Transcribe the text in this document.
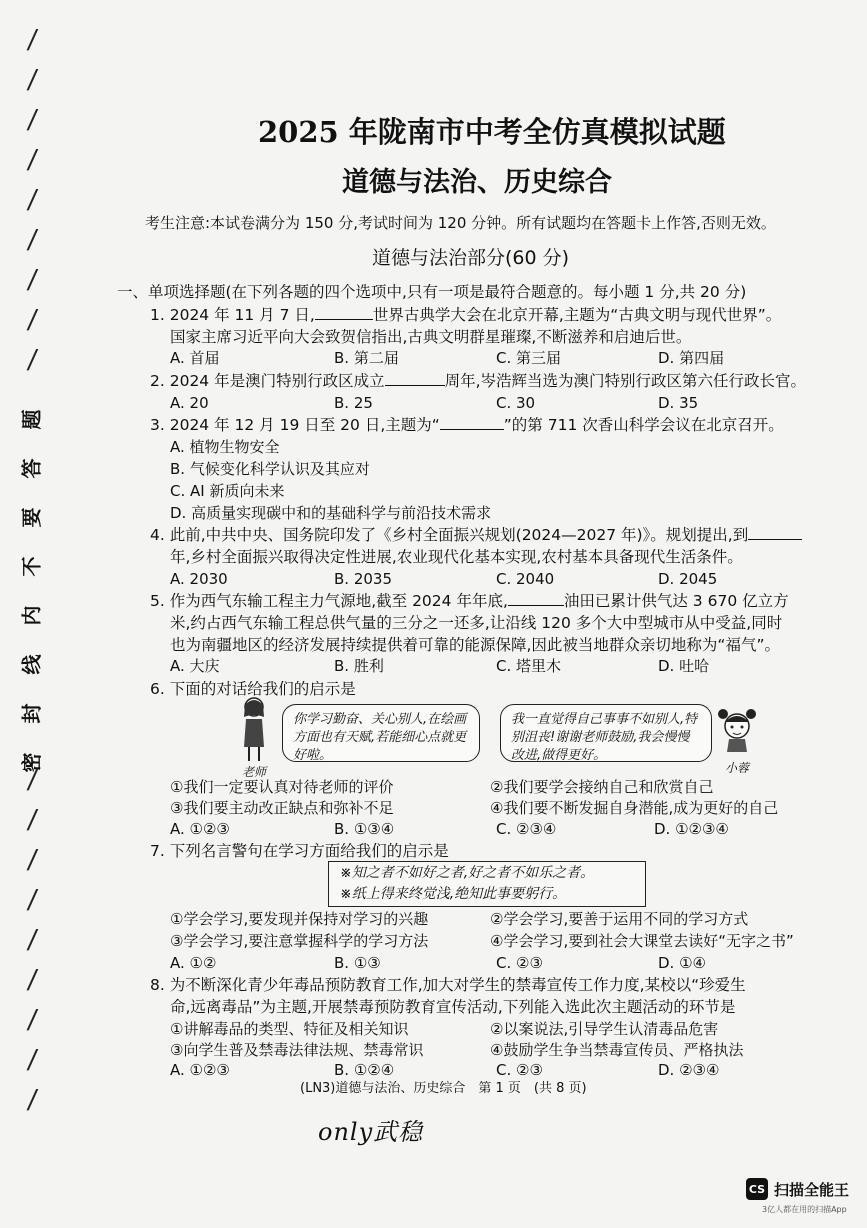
/
/
/
/
/
/
/
/
/
题
答
要
不
内
线
封
密
/
/
/
/
/
/
/
/
/
2025 年陇南市中考全仿真模拟试题
道德与法治、历史综合
考生注意:本试卷满分为 150 分,考试时间为 120 分钟。所有试题均在答题卡上作答,否则无效。
道德与法治部分(60 分)
一、单项选择题(在下列各题的四个选项中,只有一项是最符合题意的。每小题 1 分,共 20 分)
1. 2024 年 11 月 7 日,	世界古典学大会在北京开幕,主题为“古典文明与现代世界”。
国家主席习近平向大会致贺信指出,古典文明群星璀璨,不断滋养和启迪后世。
A. 首届	B. 第二届	C. 第三届	D. 第四届
2. 2024 年是澳门特别行政区成立	周年,岑浩辉当选为澳门特别行政区第六任行政长官。
A. 20	B. 25	C. 30	D. 35
3. 2024 年 12 月 19 日至 20 日,主题为“	”的第 711 次香山科学会议在北京召开。
A. 植物生物安全
B. 气候变化科学认识及其应对
C. AI 新质向未来
D. 高质量实现碳中和的基础科学与前沿技术需求
4. 此前,中共中央、国务院印发了《乡村全面振兴规划(2024—2027 年)》。规划提出,到
年,乡村全面振兴取得决定性进展,农业现代化基本实现,农村基本具备现代生活条件。
A. 2030	B. 2035	C. 2040	D. 2045
5. 作为西气东输工程主力气源地,截至 2024 年年底,	油田已累计供气达 3 670 亿立方
米,约占西气东输工程总供气量的三分之一还多,让沿线 120 多个大中型城市从中受益,同时
也为南疆地区的经济发展持续提供着可靠的能源保障,因此被当地群众亲切地称为“福气”。
A. 大庆	B. 胜利	C. 塔里木	D. 吐哈
6. 下面的对话给我们的启示是
老师
你学习勤奋、关心别人,在绘画方面也有天赋,若能细心点就更好啦。
我一直觉得自己事事不如别人,特别沮丧!谢谢老师鼓励,我会慢慢改进,做得更好。
小蓉
①我们一定要认真对待老师的评价	②我们要学会接纳自己和欣赏自己
③我们要主动改正缺点和弥补不足	④我们要不断发掘自身潜能,成为更好的自己
A. ①②③	B. ①③④	C. ②③④	D. ①②③④
7. 下列名言警句在学习方面给我们的启示是
※知之者不如好之者,好之者不如乐之者。
※纸上得来终觉浅,绝知此事要躬行。
①学会学习,要发现并保持对学习的兴趣	②学会学习,要善于运用不同的学习方式
③学会学习,要注意掌握科学的学习方法	④学会学习,要到社会大课堂去读好“无字之书”
A. ①②	B. ①③	C. ②③	D. ①④
8. 为不断深化青少年毒品预防教育工作,加大对学生的禁毒宣传工作力度,某校以“珍爱生
命,远离毒品”为主题,开展禁毒预防教育宣传活动,下列能入选此次主题活动的环节是
①讲解毒品的类型、特征及相关知识	②以案说法,引导学生认清毒品危害
③向学生普及禁毒法律法规、禁毒常识	④鼓励学生争当禁毒宣传员、严格执法
A. ①②③	B. ①②④	C. ②③	D. ②③④
(LN3)道德与法治、历史综合　第 1 页　(共 8 页)
only武稳
CS 扫描全能王
3亿人都在用的扫描App
